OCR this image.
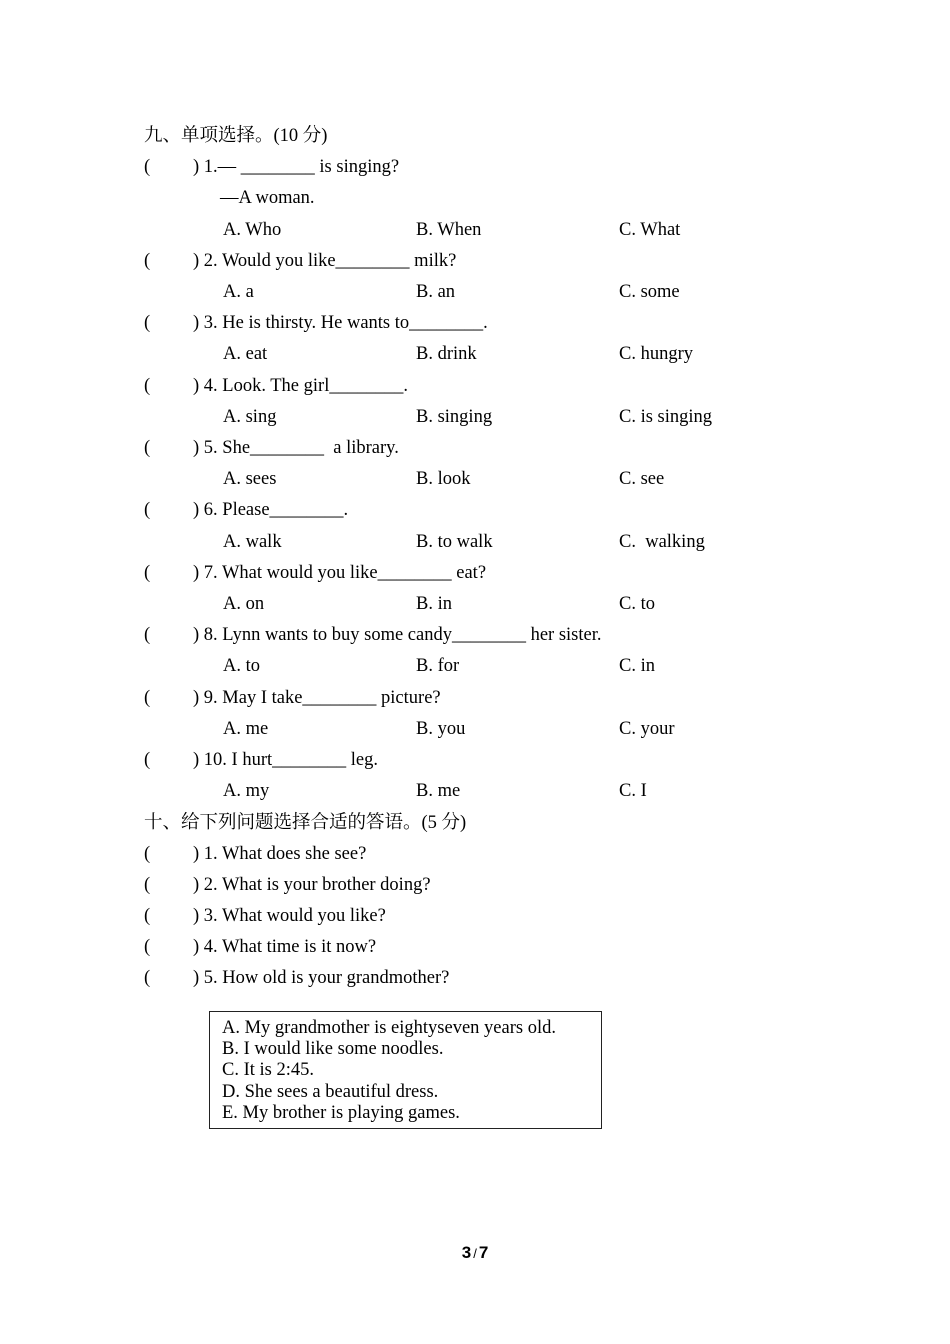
九、单项选择。(10 分)
( ) 1.— ________ is singing?
—A woman.
A. Who	B. When	C. What
( ) 2. Would you like________ milk?
A. a	B. an	C. some
( ) 3. He is thirsty. He wants to________.
A. eat	B. drink	C. hungry
( ) 4. Look. The girl________.
A. sing	B. singing	C. is singing
( ) 5. She________  a library.
A. sees	B. look	C. see
( ) 6. Please________.
A. walk	B. to walk	C.  walking
( ) 7. What would you like________ eat?
A. on	B. in	C. to
( ) 8. Lynn wants to buy some candy________ her sister.
A. to	B. for	C. in
( ) 9. May I take________ picture?
A. me	B. you	C. your
( ) 10. I hurt________ leg.
A. my	B. me	C. I
十、给下列问题选择合适的答语。(5 分)
( ) 1. What does she see?
( ) 2. What is your brother doing?
( ) 3. What would you like?
( ) 4. What time is it now?
( ) 5. How old is your grandmother?
A. My grandmother is eightyseven years old.
B. I would like some noodles.
C. It is 2:45.
D. She sees a beautiful dress.
E. My brother is playing games.
3 / 7
